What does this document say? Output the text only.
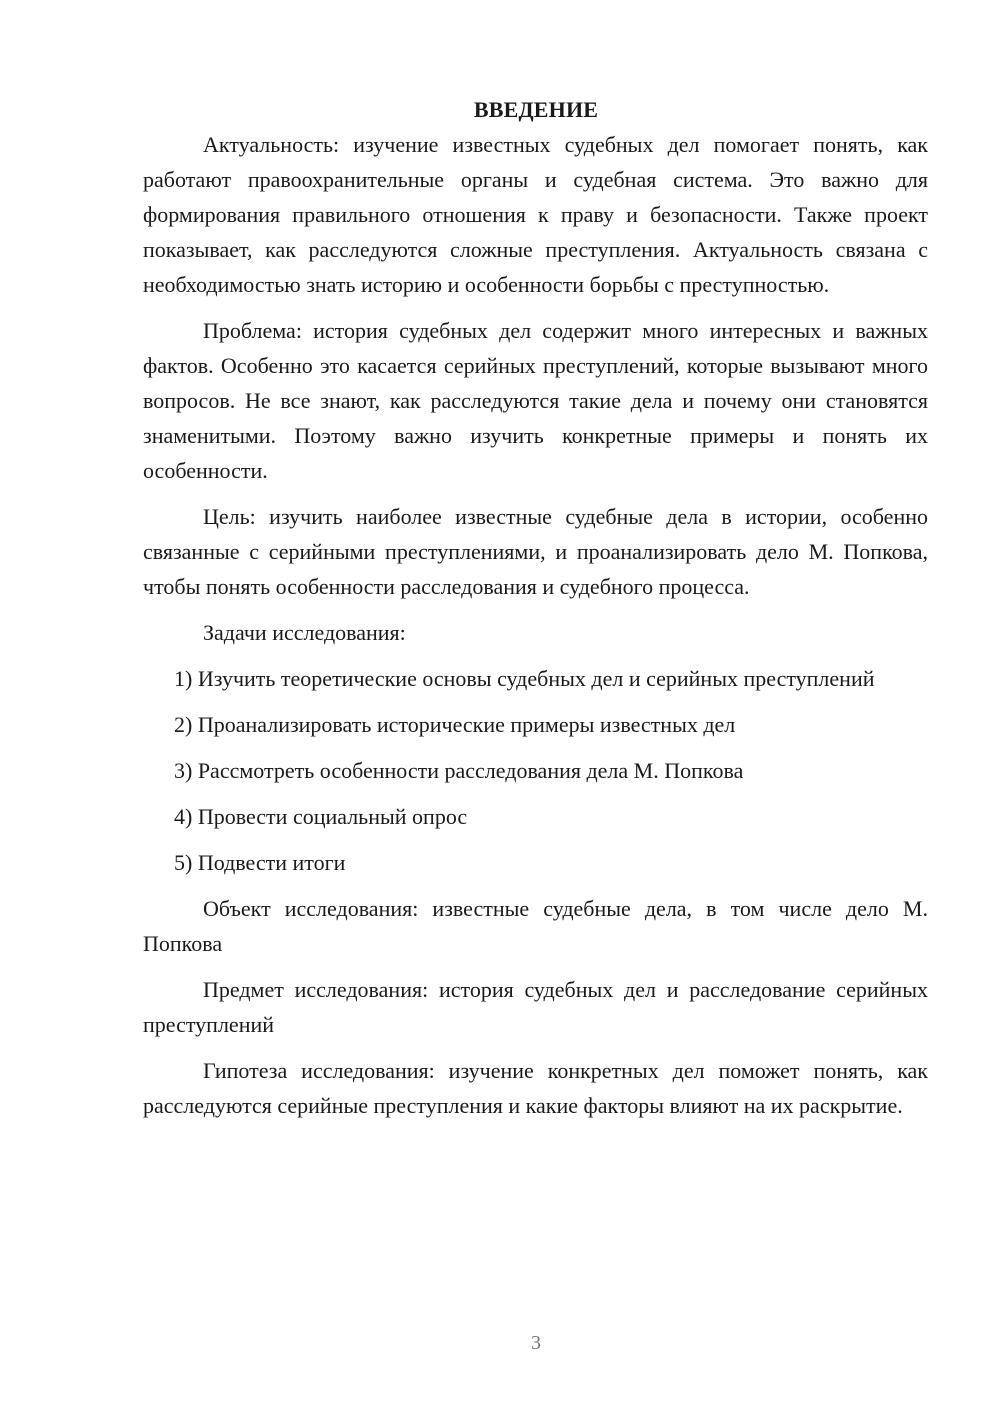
ВВЕДЕНИЕ

Актуальность: изучение известных судебных дел помогает понять, как работают правоохранительные органы и судебная система. Это важно для формирования правильного отношения к праву и безопасности. Также проект показывает, как расследуются сложные преступления. Актуальность связана с необходимостью знать историю и особенности борьбы с преступностью.

Проблема: история судебных дел содержит много интересных и важных фактов. Особенно это касается серийных преступлений, которые вызывают много вопросов. Не все знают, как расследуются такие дела и почему они становятся знаменитыми. Поэтому важно изучить конкретные примеры и понять их особенности.

Цель: изучить наиболее известные судебные дела в истории, особенно связанные с серийными преступлениями, и проанализировать дело М. Попкова, чтобы понять особенности расследования и судебного процесса.

Задачи исследования:

1) Изучить теоретические основы судебных дел и серийных преступлений

2) Проанализировать исторические примеры известных дел

3) Рассмотреть особенности расследования дела М. Попкова

4) Провести социальный опрос

5) Подвести итоги

Объект исследования: известные судебные дела, в том числе дело М. Попкова

Предмет исследования: история судебных дел и расследование серийных преступлений

Гипотеза исследования: изучение конкретных дел поможет понять, как расследуются серийные преступления и какие факторы влияют на их раскрытие.

3
